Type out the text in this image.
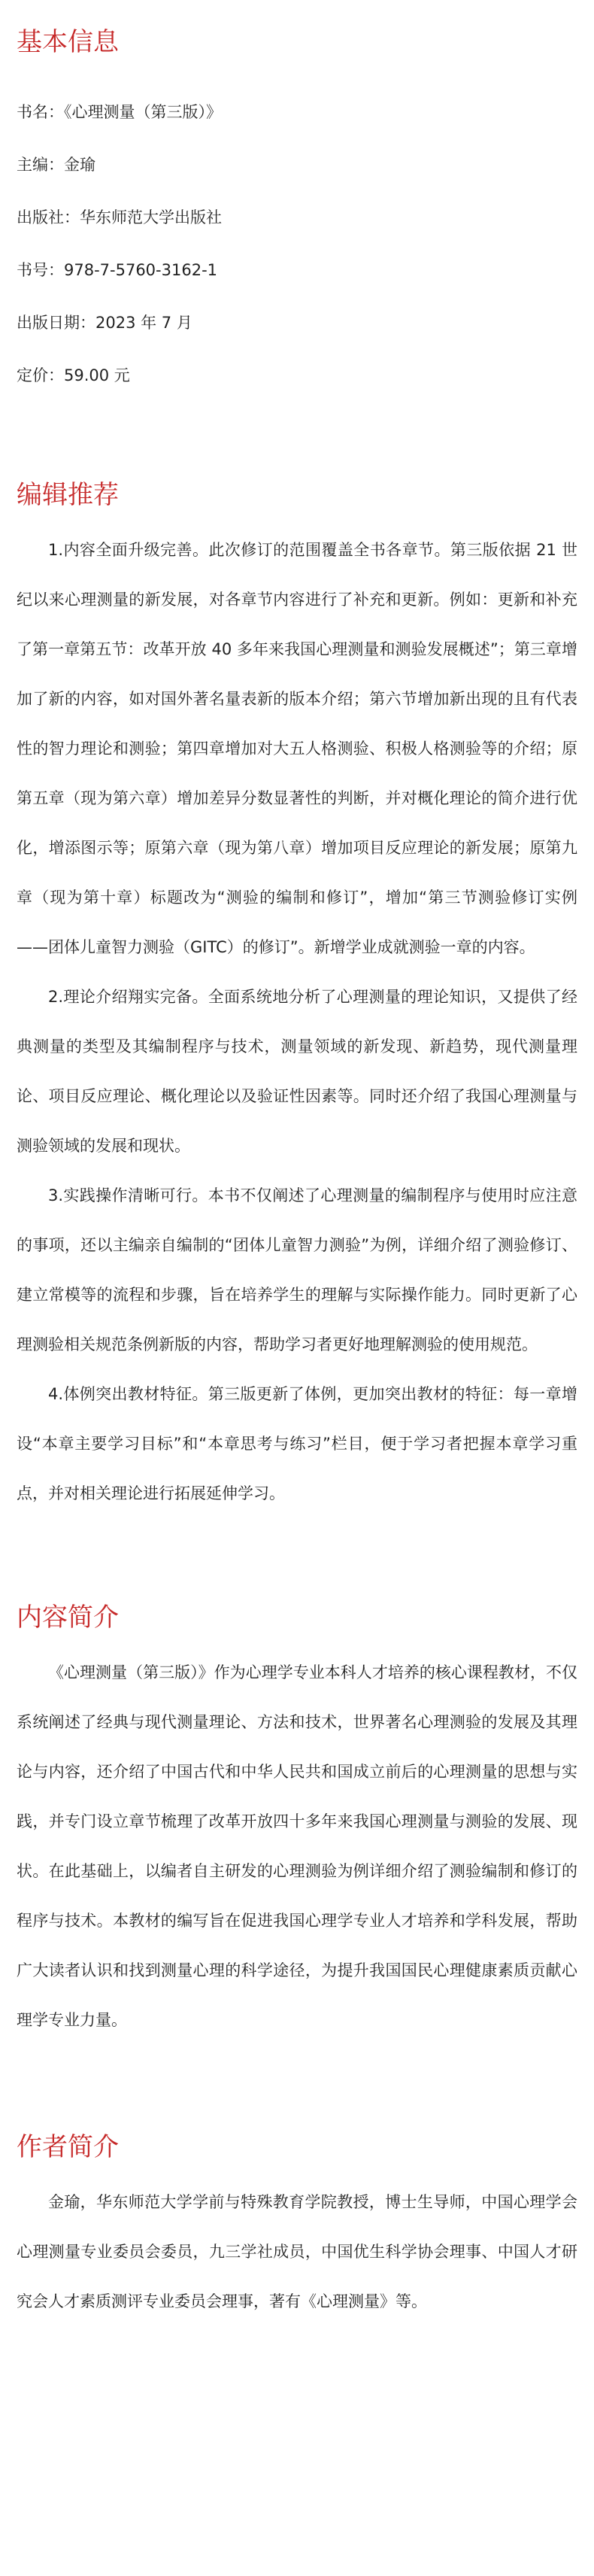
基本信息
书名：《心理测量（第三版）》
主编：金瑜
出版社：华东师范大学出版社
书号：978-7-5760-3162-1
出版日期：2023 年 7 月
定价：59.00 元
编辑推荐

1.内容全面升级完善。此次修订的范围覆盖全书各章节。第三版依据 21 世纪以来心理测量的新发展，对各章节内容进行了补充和更新。例如：更新和补充了第一章第五节：改革开放 40 多年来我国心理测量和测验发展概述”；第三章增加了新的内容，如对国外著名量表新的版本介绍；第六节增加新出现的且有代表性的智力理论和测验；第四章增加对大五人格测验、积极人格测验等的介绍；原第五章（现为第六章）增加差异分数显著性的判断，并对概化理论的简介进行优化，增添图示等；原第六章（现为第八章）增加项目反应理论的新发展；原第九章（现为第十章）标题改为“测验的编制和修订”，增加“第三节测验修订实例——团体儿童智力测验（GITC）的修订”。新增学业成就测验一章的内容。

2.理论介绍翔实完备。全面系统地分析了心理测量的理论知识，又提供了经典测量的类型及其编制程序与技术，测量领域的新发现、新趋势，现代测量理论、项目反应理论、概化理论以及验证性因素等。同时还介绍了我国心理测量与测验领域的发展和现状。

3.实践操作清晰可行。本书不仅阐述了心理测量的编制程序与使用时应注意的事项，还以主编亲自编制的“团体儿童智力测验”为例，详细介绍了测验修订、建立常模等的流程和步骤，旨在培养学生的理解与实际操作能力。同时更新了心理测验相关规范条例新版的内容，帮助学习者更好地理解测验的使用规范。

4.体例突出教材特征。第三版更新了体例，更加突出教材的特征：每一章增设“本章主要学习目标”和“本章思考与练习”栏目，便于学习者把握本章学习重点，并对相关理论进行拓展延伸学习。

内容简介

《心理测量（第三版）》作为心理学专业本科人才培养的核心课程教材，不仅系统阐述了经典与现代测量理论、方法和技术，世界著名心理测验的发展及其理论与内容，还介绍了中国古代和中华人民共和国成立前后的心理测量的思想与实践，并专门设立章节梳理了改革开放四十多年来我国心理测量与测验的发展、现状。在此基础上，以编者自主研发的心理测验为例详细介绍了测验编制和修订的程序与技术。本教材的编写旨在促进我国心理学专业人才培养和学科发展，帮助广大读者认识和找到测量心理的科学途径，为提升我国国民心理健康素质贡献心理学专业力量。

作者简介

金瑜，华东师范大学学前与特殊教育学院教授，博士生导师，中国心理学会心理测量专业委员会委员，九三学社成员，中国优生科学协会理事、中国人才研究会人才素质测评专业委员会理事，著有《心理测量》等。
